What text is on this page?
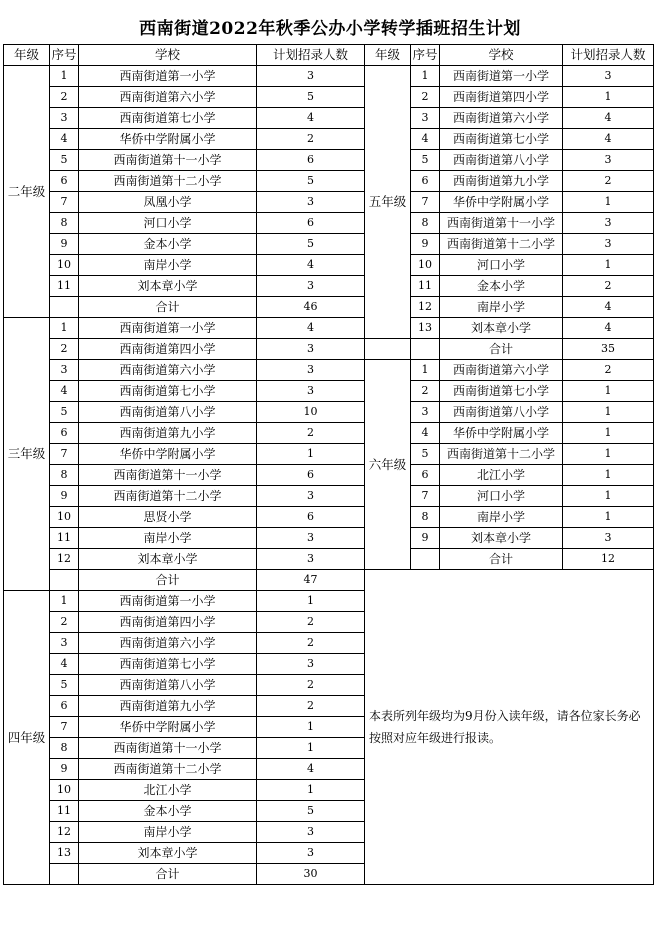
西南街道2022年秋季公办小学转学插班招生计划
年级	序号	学校	计划招录人数	年级	序号	学校	计划招录人数
二年级	1	西南街道第一小学	3	五年级	1	西南街道第一小学	3
	2	西南街道第六小学	5		2	西南街道第四小学	1
	3	西南街道第七小学	4		3	西南街道第六小学	4
	4	华侨中学附属小学	2		4	西南街道第七小学	4
	5	西南街道第十一小学	6		5	西南街道第八小学	3
	6	西南街道第十二小学	5		6	西南街道第九小学	2
	7	凤凰小学	3		7	华侨中学附属小学	1
	8	河口小学	6		8	西南街道第十一小学	3
	9	金本小学	5		9	西南街道第十二小学	3
	10	南岸小学	4		10	河口小学	1
	11	刘本章小学	3		11	金本小学	2
		合计	46		12	南岸小学	4
三年级	1	西南街道第一小学	4		13	刘本章小学	4
	2	西南街道第四小学	3			合计	35
	3	西南街道第六小学	3	六年级	1	西南街道第六小学	2
	4	西南街道第七小学	3		2	西南街道第七小学	1
	5	西南街道第八小学	10		3	西南街道第八小学	1
	6	西南街道第九小学	2		4	华侨中学附属小学	1
	7	华侨中学附属小学	1		5	西南街道第十二小学	1
	8	西南街道第十一小学	6		6	北江小学	1
	9	西南街道第十二小学	3		7	河口小学	1
	10	思贤小学	6		8	南岸小学	1
	11	南岸小学	3		9	刘本章小学	3
	12	刘本章小学	3			合计	12
		合计	47	本表所列年级均为9月份入读年级，请各位家长务必按照对应年级进行报读。			
四年级	1	西南街道第一小学	1				
	2	西南街道第四小学	2				
	3	西南街道第六小学	2				
	4	西南街道第七小学	3				
	5	西南街道第八小学	2				
	6	西南街道第九小学	2				
	7	华侨中学附属小学	1				
	8	西南街道第十一小学	1				
	9	西南街道第十二小学	4				
	10	北江小学	1				
	11	金本小学	5				
	12	南岸小学	3				
	13	刘本章小学	3				
		合计	30				
